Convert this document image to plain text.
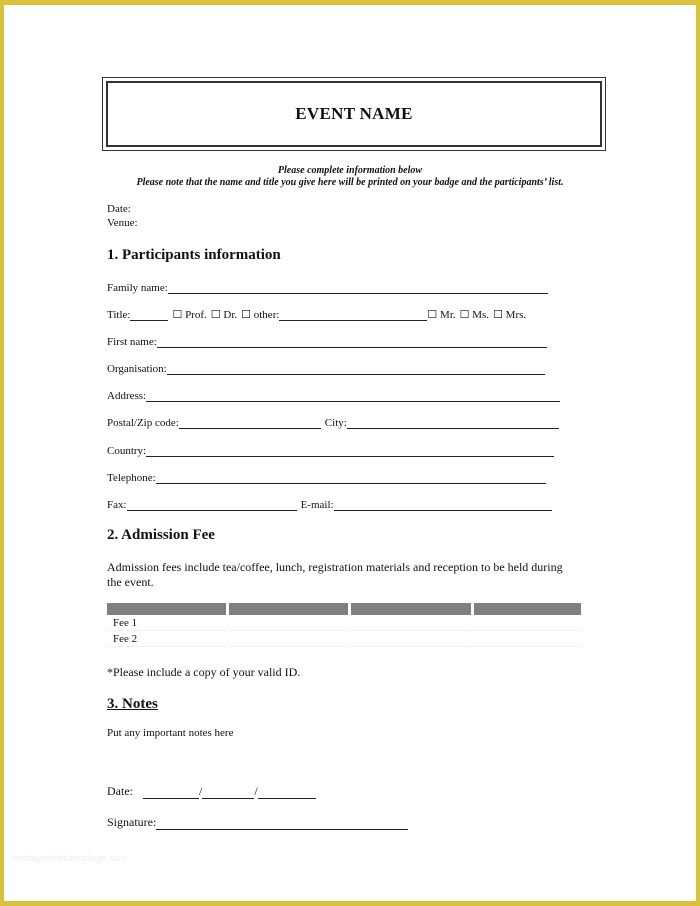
EVENT NAME
Please complete information below
Please note that the name and title you give here will be printed on your badge and the participants’ list.
Date:
Venue:
1. Participants information
Family name:
Title:	☐ Prof. ☐ Dr. ☐ other:	☐ Mr. ☐ Ms. ☐ Mrs.
First name:
Organisation:
Address:
Postal/Zip code:	City:
Country:
Telephone:
Fax:	E-mail:
2. Admission Fee
Admission fees include tea/coffee, lunch, registration materials and reception to be held during the event.

Fee 1			
Fee 2			
*Please include a copy of your valid ID.
3. Notes
Put any important notes here
Date:	/	/
Signature:
heritagechristiancollege.com
